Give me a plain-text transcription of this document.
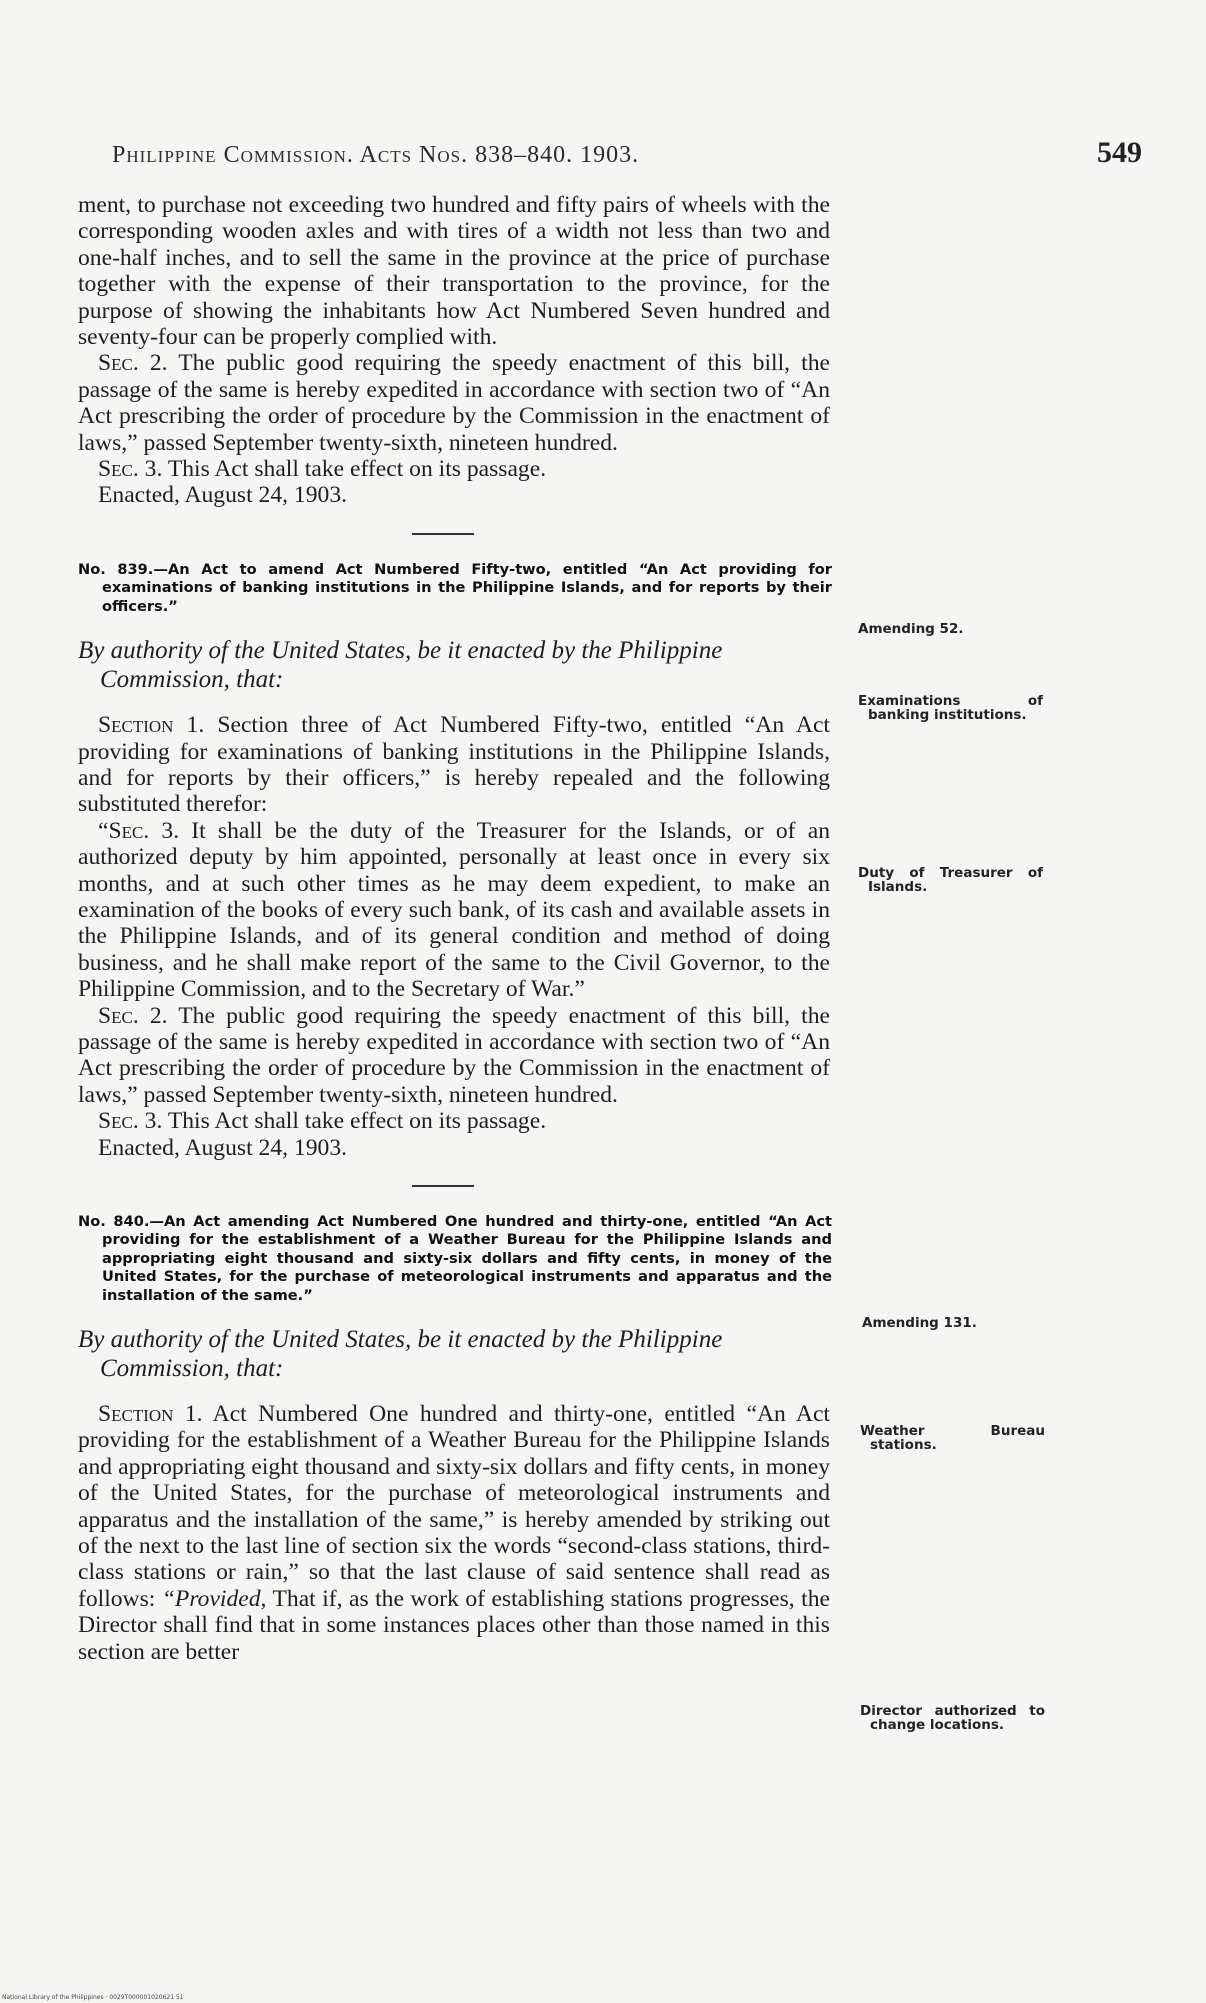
Philippine Commission. Acts Nos. 838–840. 1903.	549

ment, to purchase not exceeding two hundred and fifty pairs of wheels with the corresponding wooden axles and with tires of a width not less than two and one-half inches, and to sell the same in the province at the price of purchase together with the expense of their transportation to the province, for the purpose of showing the inhabitants how Act Numbered Seven hundred and seventy-four can be properly complied with.

Sec. 2. The public good requiring the speedy enactment of this bill, the passage of the same is hereby expedited in accordance with section two of “An Act prescribing the order of procedure by the Commission in the enactment of laws,” passed September twenty-sixth, nineteen hundred.

Sec. 3. This Act shall take effect on its passage.

Enacted, August 24, 1903.

No. 839.—An Act to amend Act Numbered Fifty-two, entitled “An Act providing for examinations of banking institutions in the Philippine Islands, and for reports by their officers.”
By authority of the United States, be it enacted by the Philippine Commission, that:

Section 1. Section three of Act Numbered Fifty-two, entitled “An Act providing for examinations of banking institutions in the Philippine Islands, and for reports by their officers,” is hereby repealed and the following substituted therefor:

“Sec. 3. It shall be the duty of the Treasurer for the Islands, or of an authorized deputy by him appointed, personally at least once in every six months, and at such other times as he may deem expedient, to make an examination of the books of every such bank, of its cash and available assets in the Philippine Islands, and of its general condition and method of doing business, and he shall make report of the same to the Civil Governor, to the Philippine Commission, and to the Secretary of War.”

Sec. 2. The public good requiring the speedy enactment of this bill, the passage of the same is hereby expedited in accordance with section two of “An Act prescribing the order of procedure by the Commission in the enactment of laws,” passed September twenty-sixth, nineteen hundred.

Sec. 3. This Act shall take effect on its passage.

Enacted, August 24, 1903.

No. 840.—An Act amending Act Numbered One hundred and thirty-one, entitled “An Act providing for the establishment of a Weather Bureau for the Philippine Islands and appropriating eight thousand and sixty-six dollars and fifty cents, in money of the United States, for the purchase of meteorological instruments and apparatus and the installation of the same.”
By authority of the United States, be it enacted by the Philippine Commission, that:

Section 1. Act Numbered One hundred and thirty-one, entitled “An Act providing for the establishment of a Weather Bureau for the Philippine Islands and appropriating eight thousand and sixty-six dollars and fifty cents, in money of the United States, for the purchase of meteorological instruments and apparatus and the installation of the same,” is hereby amended by striking out of the next to the last line of section six the words “second-class stations, third-class stations or rain,” so that the last clause of said sentence shall read as follows: “Provided, That if, as the work of establishing stations progresses, the Director shall find that in some instances places other than those named in this section are better

Amending 52.
Examinations of banking institutions.
Duty of Treasurer of Islands.
Amending 131.
Weather Bureau stations.
Director authorized to change locations.
National Library of the Philippines · 0029T000001020621 51
